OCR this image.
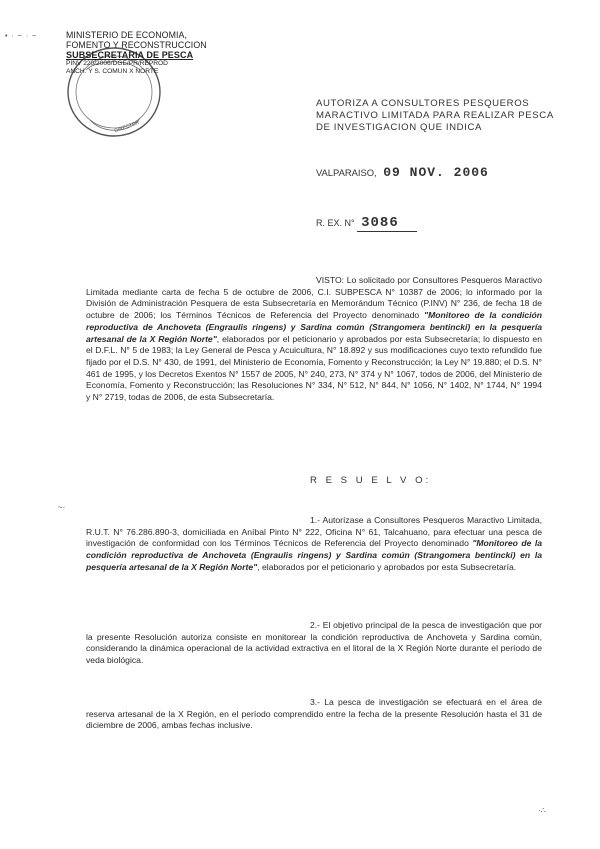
• · ~ · ~	MINISTERIO DE ECONOMIA,
FOMENTO Y RECONSTRUCCION
SUBSECRETARIA DE PESCA
PINV 220/2006/DGE/PR/REPROD
ANCH. Y S. COMUN X NORTE
DIRECTOR
AUTORIZA A CONSULTORES PESQUEROS MARACTIVO LIMITADA PARA REALIZAR PESCA DE INVESTIGACION QUE INDICA
VALPARAISO, 09 NOV. 2006
R. EX. N° 3086
VISTO: Lo solicitado por Consultores Pesqueros Maractivo Limitada mediante carta de fecha 5 de octubre de 2006, C.I. SUBPESCA N° 10387 de 2006; lo informado por la División de Administración Pesquera de esta Subsecretaría en Memorándum Técnico (P.INV) N° 236, de fecha 18 de octubre de 2006; los Términos Técnicos de Referencia del Proyecto denominado "Monitoreo de la condición reproductiva de Anchoveta (Engraulis ringens) y Sardina común (Strangomera bentincki) en la pesquería artesanal de la X Región Norte", elaborados por el peticionario y aprobados por esta Subsecretaría; lo dispuesto en el D.F.L. N° 5 de 1983; la Ley General de Pesca y Acuicultura, N° 18.892 y sus modificaciones cuyo texto refundido fue fijado por el D.S. N° 430, de 1991, del Ministerio de Economía, Fomento y Reconstrucción; la Ley N° 19.880; el D.S. N° 461 de 1995, y los Decretos Exentos N° 1557 de 2005, N° 240, 273, N° 374 y N° 1067, todos de 2006, del Ministerio de Economía, Fomento y Reconstrucción; las Resoluciones N° 334, N° 512, N° 844, N° 1056, N° 1402, N° 1744, N° 1994 y N° 2719, todas de 2006, de esta Subsecretaría.
R E S U E L V O:
~·
1.- Autorízase a Consultores Pesqueros Maractivo Limitada, R.U.T. N° 76.286.890-3, domiciliada en Aníbal Pinto N° 222, Oficina N° 61, Talcahuano, para efectuar una pesca de investigación de conformidad con los Términos Técnicos de Referencia del Proyecto denominado "Monitoreo de la condición reproductiva de Anchoveta (Engraulis ringens) y Sardina común (Strangomera bentincki) en la pesquería artesanal de la X Región Norte", elaborados por el peticionario y aprobados por esta Subsecretaría.
2.- El objetivo principal de la pesca de investigación que por la presente Resolución autoriza consiste en monitorear la condición reproductiva de Anchoveta y Sardina común, considerando la dinámica operacional de la actividad extractiva en el litoral de la X Región Norte durante el período de veda biológica.
3.- La pesca de investigación se efectuará en el área de reserva artesanal de la X Región, en el período comprendido entre la fecha de la presente Resolución hasta el 31 de diciembre de 2006, ambas fechas inclusive.
·∴
